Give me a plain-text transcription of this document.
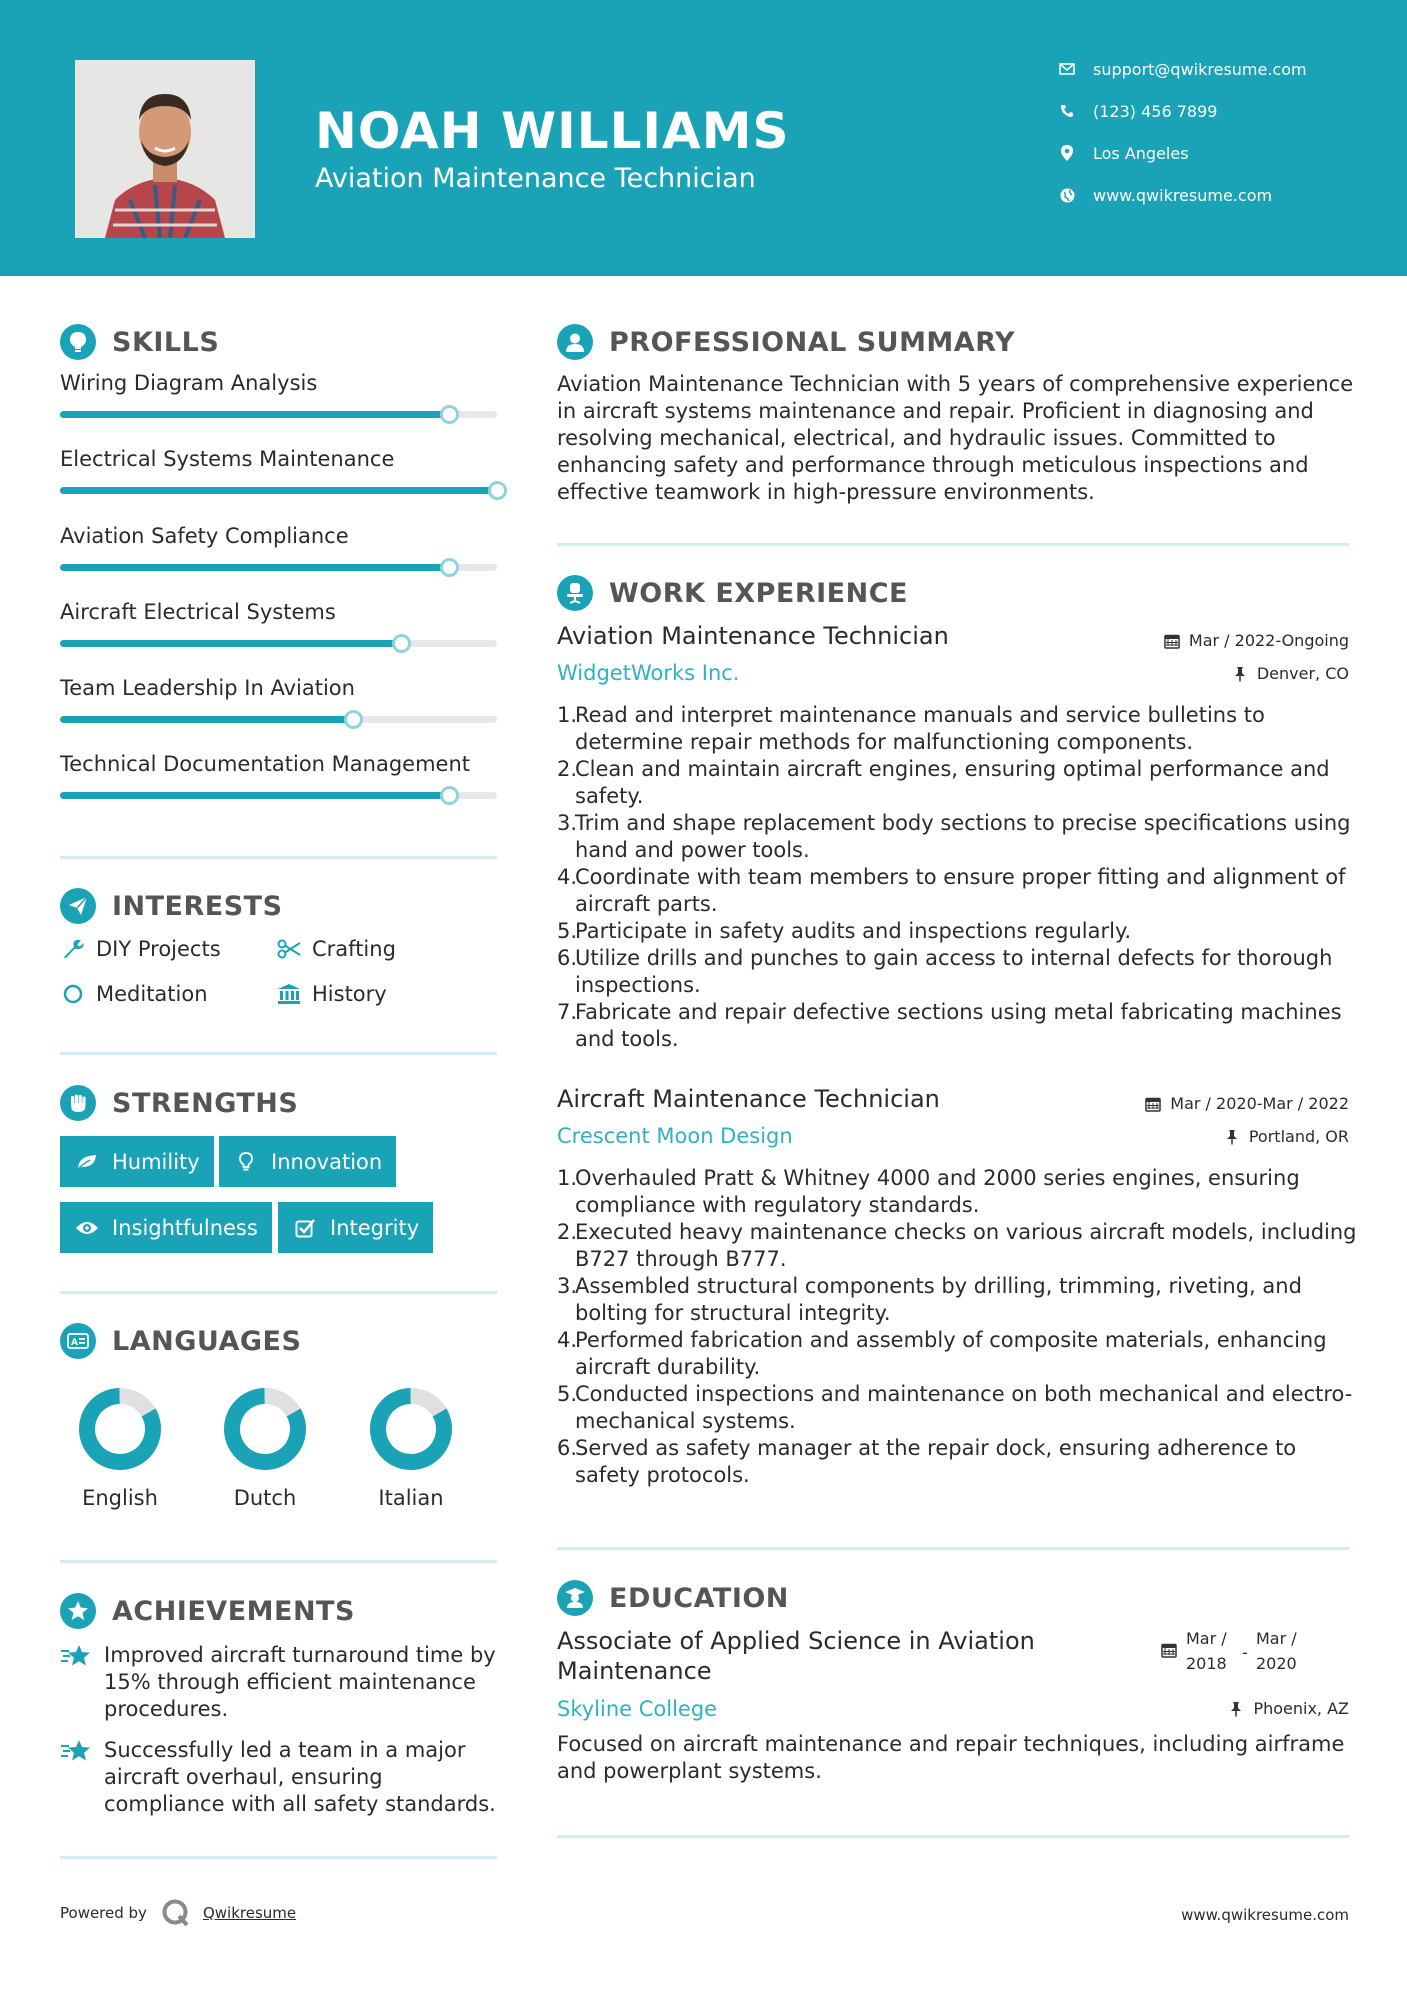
NOAH WILLIAMS
Aviation Maintenance Technician
support@qwikresume.com
(123) 456 7899
Los Angeles
www.qwikresume.com
SKILLS
Wiring Diagram Analysis
Electrical Systems Maintenance
Aviation Safety Compliance
Aircraft Electrical Systems
Team Leadership In Aviation
Technical Documentation Management
INTERESTS
DIY Projects	Crafting
Meditation	History
STRENGTHS
Humility	Innovation
Insightfulness	Integrity
A LANGUAGES
English	Dutch	Italian
ACHIEVEMENTS
Improved aircraft turnaround time by 15% through efficient maintenance procedures.
Successfully led a team in a major aircraft overhaul, ensuring compliance with all safety standards.
PROFESSIONAL SUMMARY
Aviation Maintenance Technician with 5 years of comprehensive experience in aircraft systems maintenance and repair. Proficient in diagnosing and resolving mechanical, electrical, and hydraulic issues. Committed to enhancing safety and performance through meticulous inspections and effective teamwork in high-pressure environments.
WORK EXPERIENCE
Aviation Maintenance Technician	Mar / 2022-Ongoing
WidgetWorks Inc.	Denver, CO
1.
Read and interpret maintenance manuals and service bulletins to determine repair methods for malfunctioning components.
2.
Clean and maintain aircraft engines, ensuring optimal performance and safety.
3.
Trim and shape replacement body sections to precise specifications using hand and power tools.
4.
Coordinate with team members to ensure proper fitting and alignment of aircraft parts.
5.
Participate in safety audits and inspections regularly.
6.
Utilize drills and punches to gain access to internal defects for thorough inspections.
7.
Fabricate and repair defective sections using metal fabricating machines and tools.
Aircraft Maintenance Technician	Mar / 2020-Mar / 2022
Crescent Moon Design	Portland, OR
1.
Overhauled Pratt & Whitney 4000 and 2000 series engines, ensuring compliance with regulatory standards.
2.
Executed heavy maintenance checks on various aircraft models, including B727 through B777.
3.
Assembled structural components by drilling, trimming, riveting, and bolting for structural integrity.
4.
Performed fabrication and assembly of composite materials, enhancing aircraft durability.
5.
Conducted inspections and maintenance on both mechanical and electro-mechanical systems.
6.
Served as safety manager at the repair dock, ensuring adherence to safety protocols.
EDUCATION
Associate of Applied Science in Aviation Maintenance
Mar /
2018
-
Mar /
2020
Skyline College	Phoenix, AZ
Focused on aircraft maintenance and repair techniques, including airframe and powerplant systems.
Powered by	Qwikresume	www.qwikresume.com
